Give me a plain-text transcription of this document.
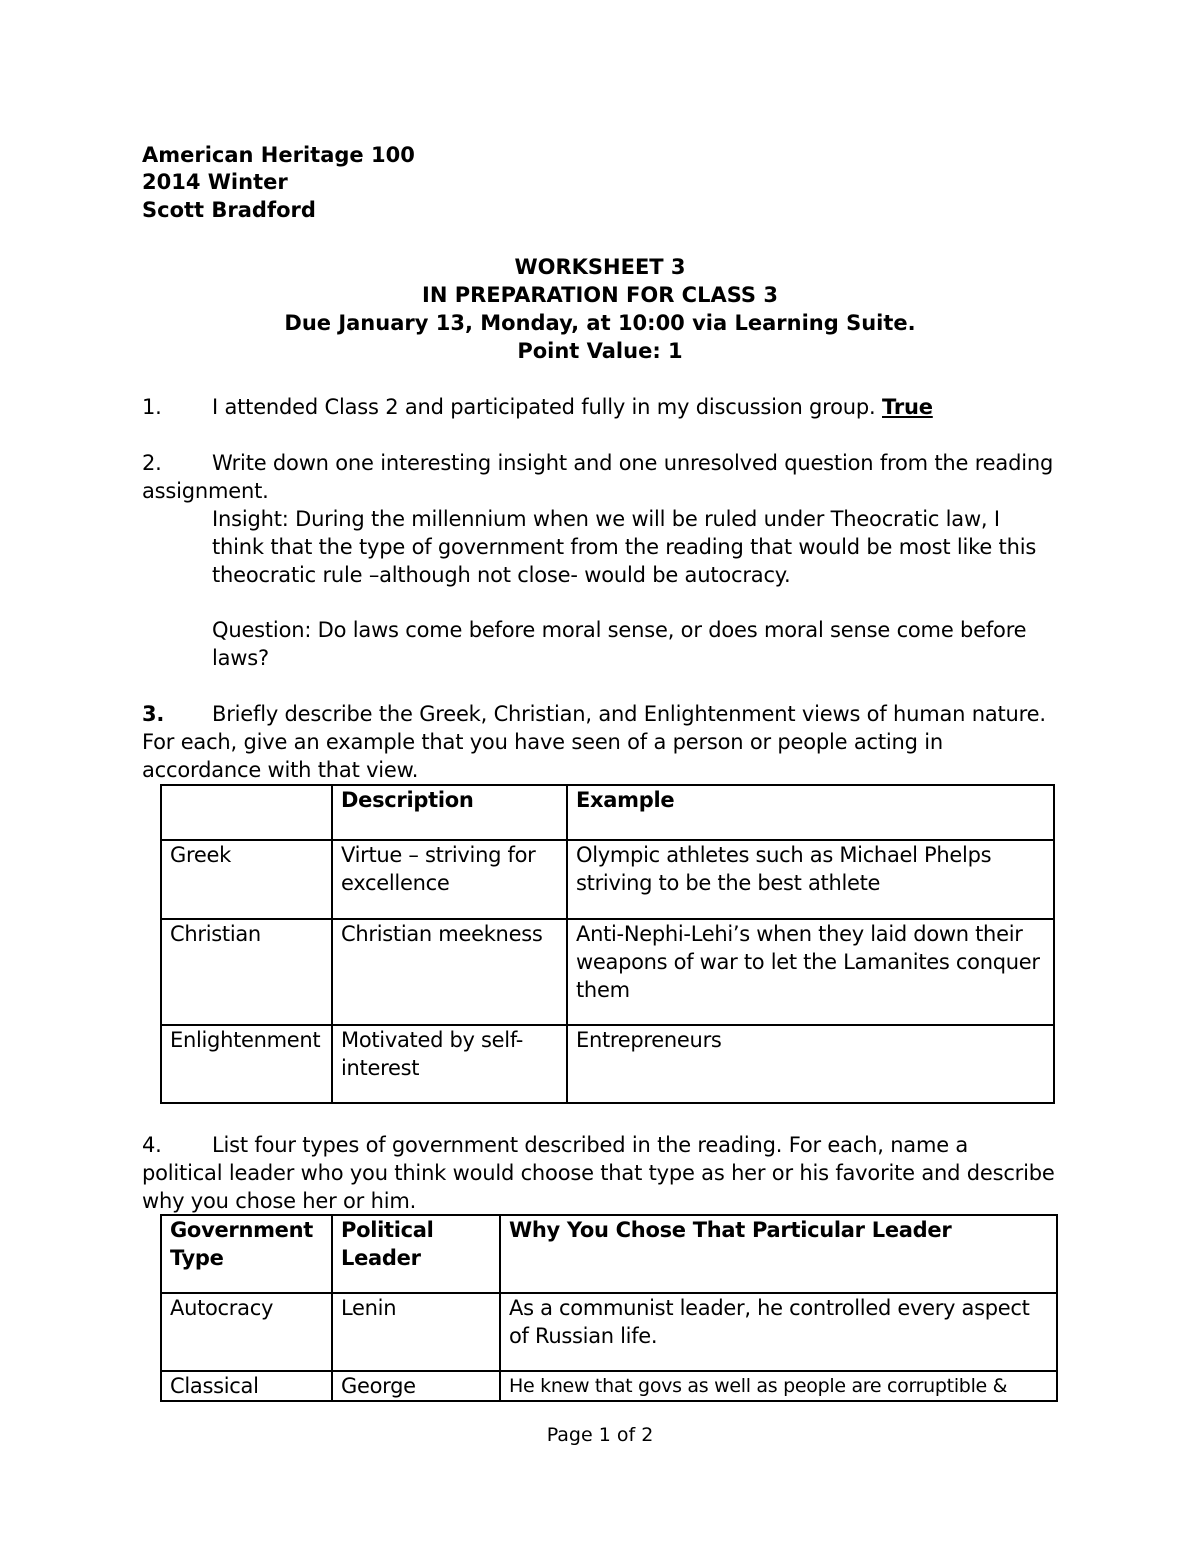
American Heritage 100
2014 Winter
Scott Bradford
WORKSHEET 3
IN PREPARATION FOR CLASS 3
Due January 13, Monday, at 10:00 via Learning Suite.
Point Value: 1
1. I attended Class 2 and participated fully in my discussion group. True
2. Write down one interesting insight and one unresolved question from the reading
assignment.
Insight: During the millennium when we will be ruled under Theocratic law, I
think that the type of government from the reading that would be most like this
theocratic rule –although not close- would be autocracy.
Question: Do laws come before moral sense, or does moral sense come before
laws?
3. Briefly describe the Greek, Christian, and Enlightenment views of human nature.
For each, give an example that you have seen of a person or people acting in
accordance with that view.
	Description	Example
Greek	Virtue – striving for excellence	Olympic athletes such as Michael Phelps striving to be the best athlete
Christian	Christian meekness	Anti-Nephi-Lehi’s when they laid down their weapons of war to let the Lamanites conquer them
Enlightenment	Motivated by self-interest	Entrepreneurs
4. List four types of government described in the reading. For each, name a
political leader who you think would choose that type as her or his favorite and describe
why you chose her or him.
Government Type	Political Leader	Why You Chose That Particular Leader
Autocracy	Lenin	As a communist leader, he controlled every aspect of Russian life.
Classical	George	He knew that govs as well as people are corruptible &
Page 1 of 2
